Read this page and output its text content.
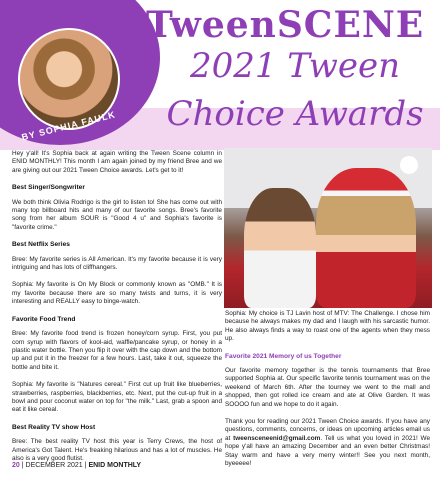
BY SOPHIA FAULK
TweenSCENE
2021 Tween
Choice Awards

Hey y'all! It's Sophia back at again writing the Tween Scene column in ENID MONTHLY! This month I am again joined by my friend Bree and we are giving out our 2021 Tween Choice awards. Let's get to it!

Best Singer/Songwriter

We both think Olivia Rodrigo is the girl to listen to! She has come out with many top billboard hits and many of our favorite songs. Bree's favorite song from her album SOUR is "Good 4 u" and Sophia's favorite is "favorite crime."

Best Netflix Series

Bree: My favorite series is All American. It's my favorite because it is very intriguing and has lots of cliffhangers.

Sophia: My favorite is On My Block or commonly known as "OMB." It is my favorite because there are so many twists and turns, it is very interesting and REALLY easy to binge-watch.

Favorite Food Trend

Bree: My favorite food trend is frozen honey/corn syrup. First, you put corn syrup with flavors of kool-aid, waffle/pancake syrup, or honey in a plastic water bottle. Then you flip it over with the cap down and the bottom up and put it in the freezer for a few hours. Last, take it out, squeeze the bottle and bite it.

Sophia: My favorite is "Natures cereal." First cut up fruit like blueberries, strawberries, raspberries, blackberries, etc. Next, put the cut-up fruit in a bowl and pour coconut water on top for "the milk." Last, grab a spoon and eat it like cereal.

Best Reality TV show Host

Bree: The best reality TV host this year is Terry Crews, the host of America's Got Talent. He's freaking hilarious and has a lot of muscles. He also is a very good flutist.

Sophia: My choice is TJ Lavin host of MTV: The Challenge. I chose him because he always makes my dad and I laugh with his sarcastic humor. He also always finds a way to roast one of the agents when they mess up.

Favorite 2021 Memory of us Together

Our favorite memory together is the tennis tournaments that Bree supported Sophia at. Our specific favorite tennis tournament was on the weekend of March 6th. After the tourney we went to the mall and shopped, then got rolled ice cream and ate at Olive Garden. It was SOOOO fun and we hope to do it again.

Thank you for reading our 2021 Tween Choice awards. If you have any questions, comments, concerns, or ideas on upcoming articles email us at tweensceneenid@gmail.com. Tell us what you loved in 2021! We hope y'all have an amazing December and an even better Christmas! Stay warm and have a very merry winter!! See you next month, byeeeee!

20 | DECEMBER 2021 | ENID MONTHLY
